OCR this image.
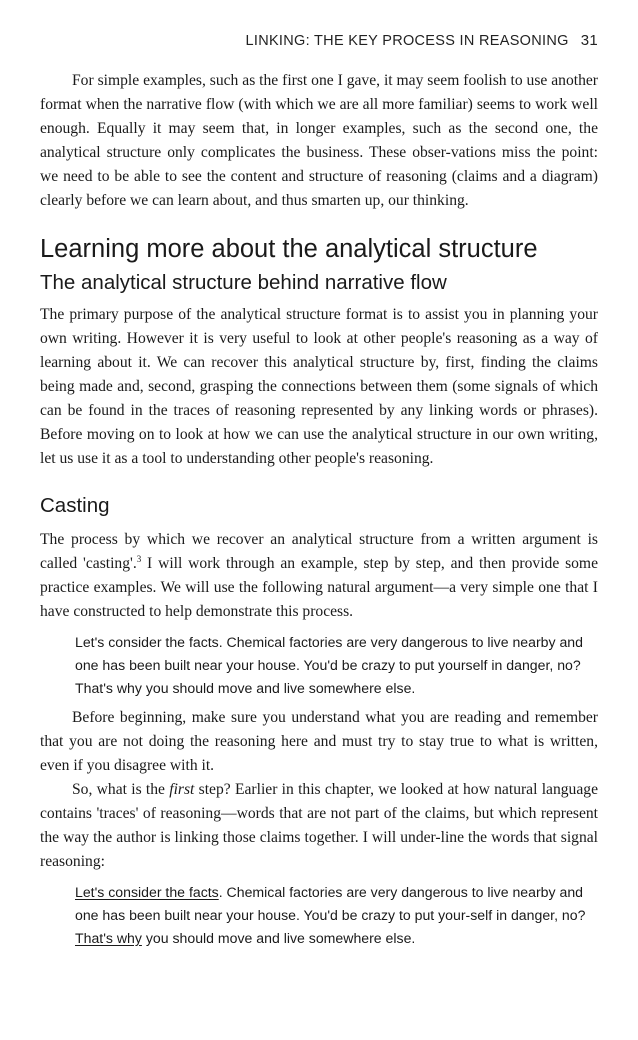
LINKING: THE KEY PROCESS IN REASONING 31

For simple examples, such as the first one I gave, it may seem foolish to use another format when the narrative flow (with which we are all more familiar) seems to work well enough. Equally it may seem that, in longer examples, such as the second one, the analytical structure only complicates the business. These obser-vations miss the point: we need to be able to see the content and structure of reasoning (claims and a diagram) clearly before we can learn about, and thus smarten up, our thinking.

Learning more about the analytical structure
The analytical structure behind narrative flow

The primary purpose of the analytical structure format is to assist you in planning your own writing. However it is very useful to look at other people's reasoning as a way of learning about it. We can recover this analytical structure by, first, finding the claims being made and, second, grasping the connections between them (some signals of which can be found in the traces of reasoning represented by any linking words or phrases). Before moving on to look at how we can use the analytical structure in our own writing, let us use it as a tool to understanding other people's reasoning.

Casting

The process by which we recover an analytical structure from a written argument is called 'casting'.$^3$ I will work through an example, step by step, and then provide some practice examples. We will use the following natural argument—a very simple one that I have constructed to help demonstrate this process.

Let's consider the facts. Chemical factories are very dangerous to live nearby and one has been built near your house. You'd be crazy to put yourself in danger, no? That's why you should move and live somewhere else.

Before beginning, make sure you understand what you are reading and remember that you are not doing the reasoning here and must try to stay true to what is written, even if you disagree with it.

So, what is the first step? Earlier in this chapter, we looked at how natural language contains 'traces' of reasoning—words that are not part of the claims, but which represent the way the author is linking those claims together. I will under-line the words that signal reasoning:

Let's consider the facts. Chemical factories are very dangerous to live nearby and one has been built near your house. You'd be crazy to put your-self in danger, no? That's why you should move and live somewhere else.
